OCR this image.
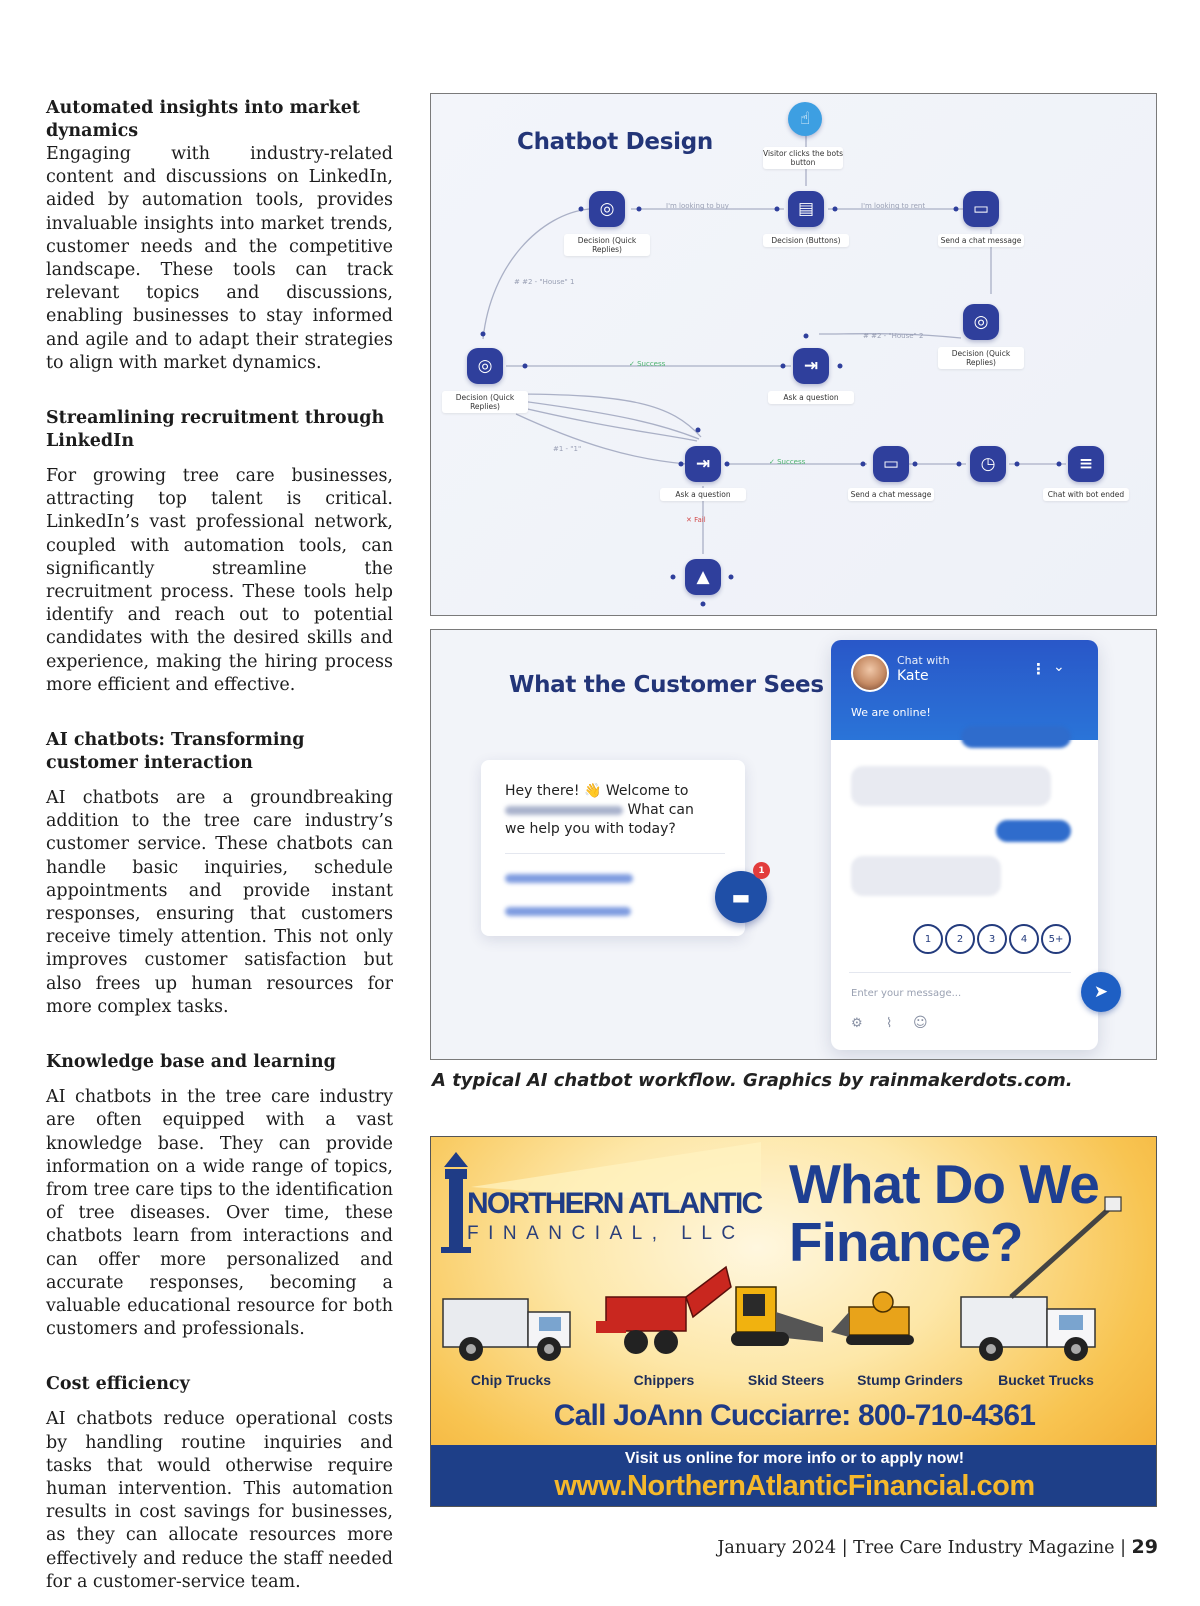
Automated insights into market dynamics

Engaging with industry-related content and discussions on LinkedIn, aided by automation tools, provides invaluable insights into market trends, customer needs and the competitive landscape. These tools can track relevant topics and discussions, enabling businesses to stay informed and agile and to adapt their strategies to align with market dynamics.

Streamlining recruitment through LinkedIn

For growing tree care businesses, attracting top talent is critical. LinkedIn’s vast professional network, coupled with automation tools, can significantly streamline the recruitment process. These tools help identify and reach out to potential candidates with the desired skills and experience, making the hiring process more efficient and effective.

AI chatbots: Transforming customer interaction

AI chatbots are a groundbreaking addition to the tree care industry’s customer service. These chatbots can handle basic inquiries, schedule appointments and provide instant responses, ensuring that customers receive timely attention. This not only improves customer satisfaction but also frees up human resources for more complex tasks.

Knowledge base and learning

AI chatbots in the tree care industry are often equipped with a vast knowledge base. They can provide information on a wide range of topics, from tree care tips to the identification of tree diseases. Over time, these chatbots learn from interactions and can offer more personalized and accurate responses, becoming a valuable educational resource for both customers and professionals.

Cost efficiency

AI chatbots reduce operational costs by handling routine inquiries and tasks that would otherwise require human intervention. This automation results in cost savings for businesses, as they can allocate resources more effectively and reduce the staff needed for a customer-service team.

Chatbot Design
☝
Visitor clicks the bots button
◎
Decision (Quick Replies)
▤
Decision (Buttons)
▭
Send a chat message
◎
Decision (Quick Replies)
◎
Decision (Quick Replies)
⇥
Ask a question
⇥
Ask a question
▭
Send a chat message
◷	≡
Chat with bot ended
▲
I'm looking to buy	I'm looking to rent
# #2 - "House" 1
# #2 - "House" 2
✓ Success
✓ Success
#1 - "1"
✕ Fail
What the Customer Sees
Hey there! 👋 Welcome to
What can
we help you with today?
▬
1
Chat with
Kate	⋮ ⌄
We are online!
1	2	3	4	5+
Enter your message...
⚙ ⌇ ☺
➤
A typical AI chatbot workflow. Graphics by rainmakerdots.com.
NORTHERN ATLANTIC
FINANCIAL, LLC
What Do We Finance?
Chip Trucks	Chippers	Skid Steers	Stump Grinders	Bucket Trucks
Call JoAnn Cucciarre: 800-710-4361
Visit us online for more info or to apply now!
www.NorthernAtlanticFinancial.com
January 2024 | Tree Care Industry Magazine | 29
